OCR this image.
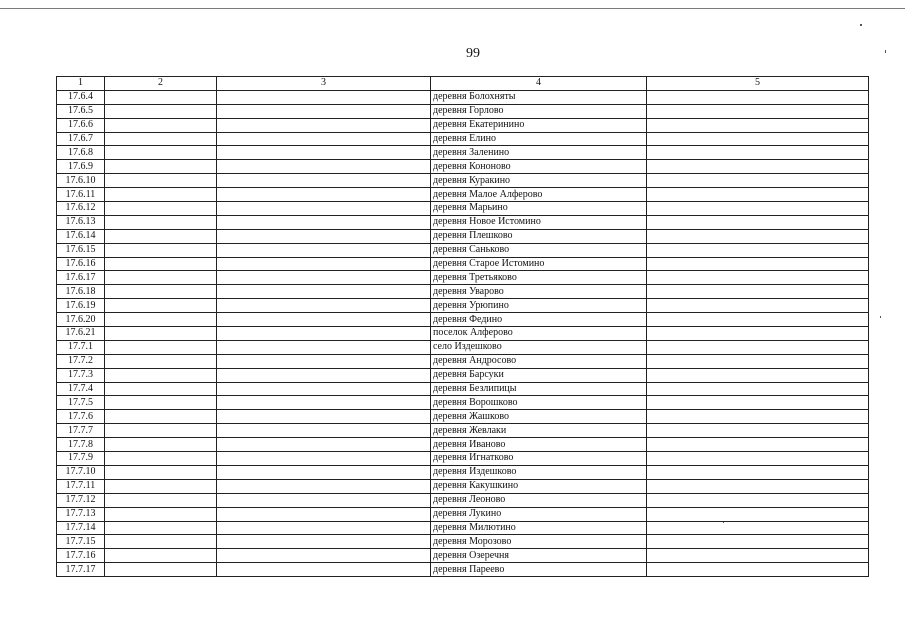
99
1	2	3	4	5
17.6.4			деревня Болохняты	
17.6.5			деревня Горлово	
17.6.6			деревня Екатеринино	
17.6.7			деревня Елино	
17.6.8			деревня Заленино	
17.6.9			деревня Кононово	
17.6.10			деревня Куракино	
17.6.11			деревня Малое Алферово	
17.6.12			деревня Марьино	
17.6.13			деревня Новое Истомино	
17.6.14			деревня Плешково	
17.6.15			деревня Саньково	
17.6.16			деревня Старое Истомино	
17.6.17			деревня Третьяково	
17.6.18			деревня Уварово	
17.6.19			деревня Урюпино	
17.6.20			деревня Федино	
17.6.21			поселок Алферово	
17.7.1			село Издешково	
17.7.2			деревня Андросово	
17.7.3			деревня Барсуки	
17.7.4			деревня Безлипицы	
17.7.5			деревня Ворошково	
17.7.6			деревня Жашково	
17.7.7			деревня Жевлаки	
17.7.8			деревня Иваново	
17.7.9			деревня Игнатково	
17.7.10			деревня Издешково	
17.7.11			деревня Какушкино	
17.7.12			деревня Леоново	
17.7.13			деревня Лукино	
17.7.14			деревня Милютино	
17.7.15			деревня Морозово	
17.7.16			деревня Озеречня	
17.7.17			деревня Пареево	
